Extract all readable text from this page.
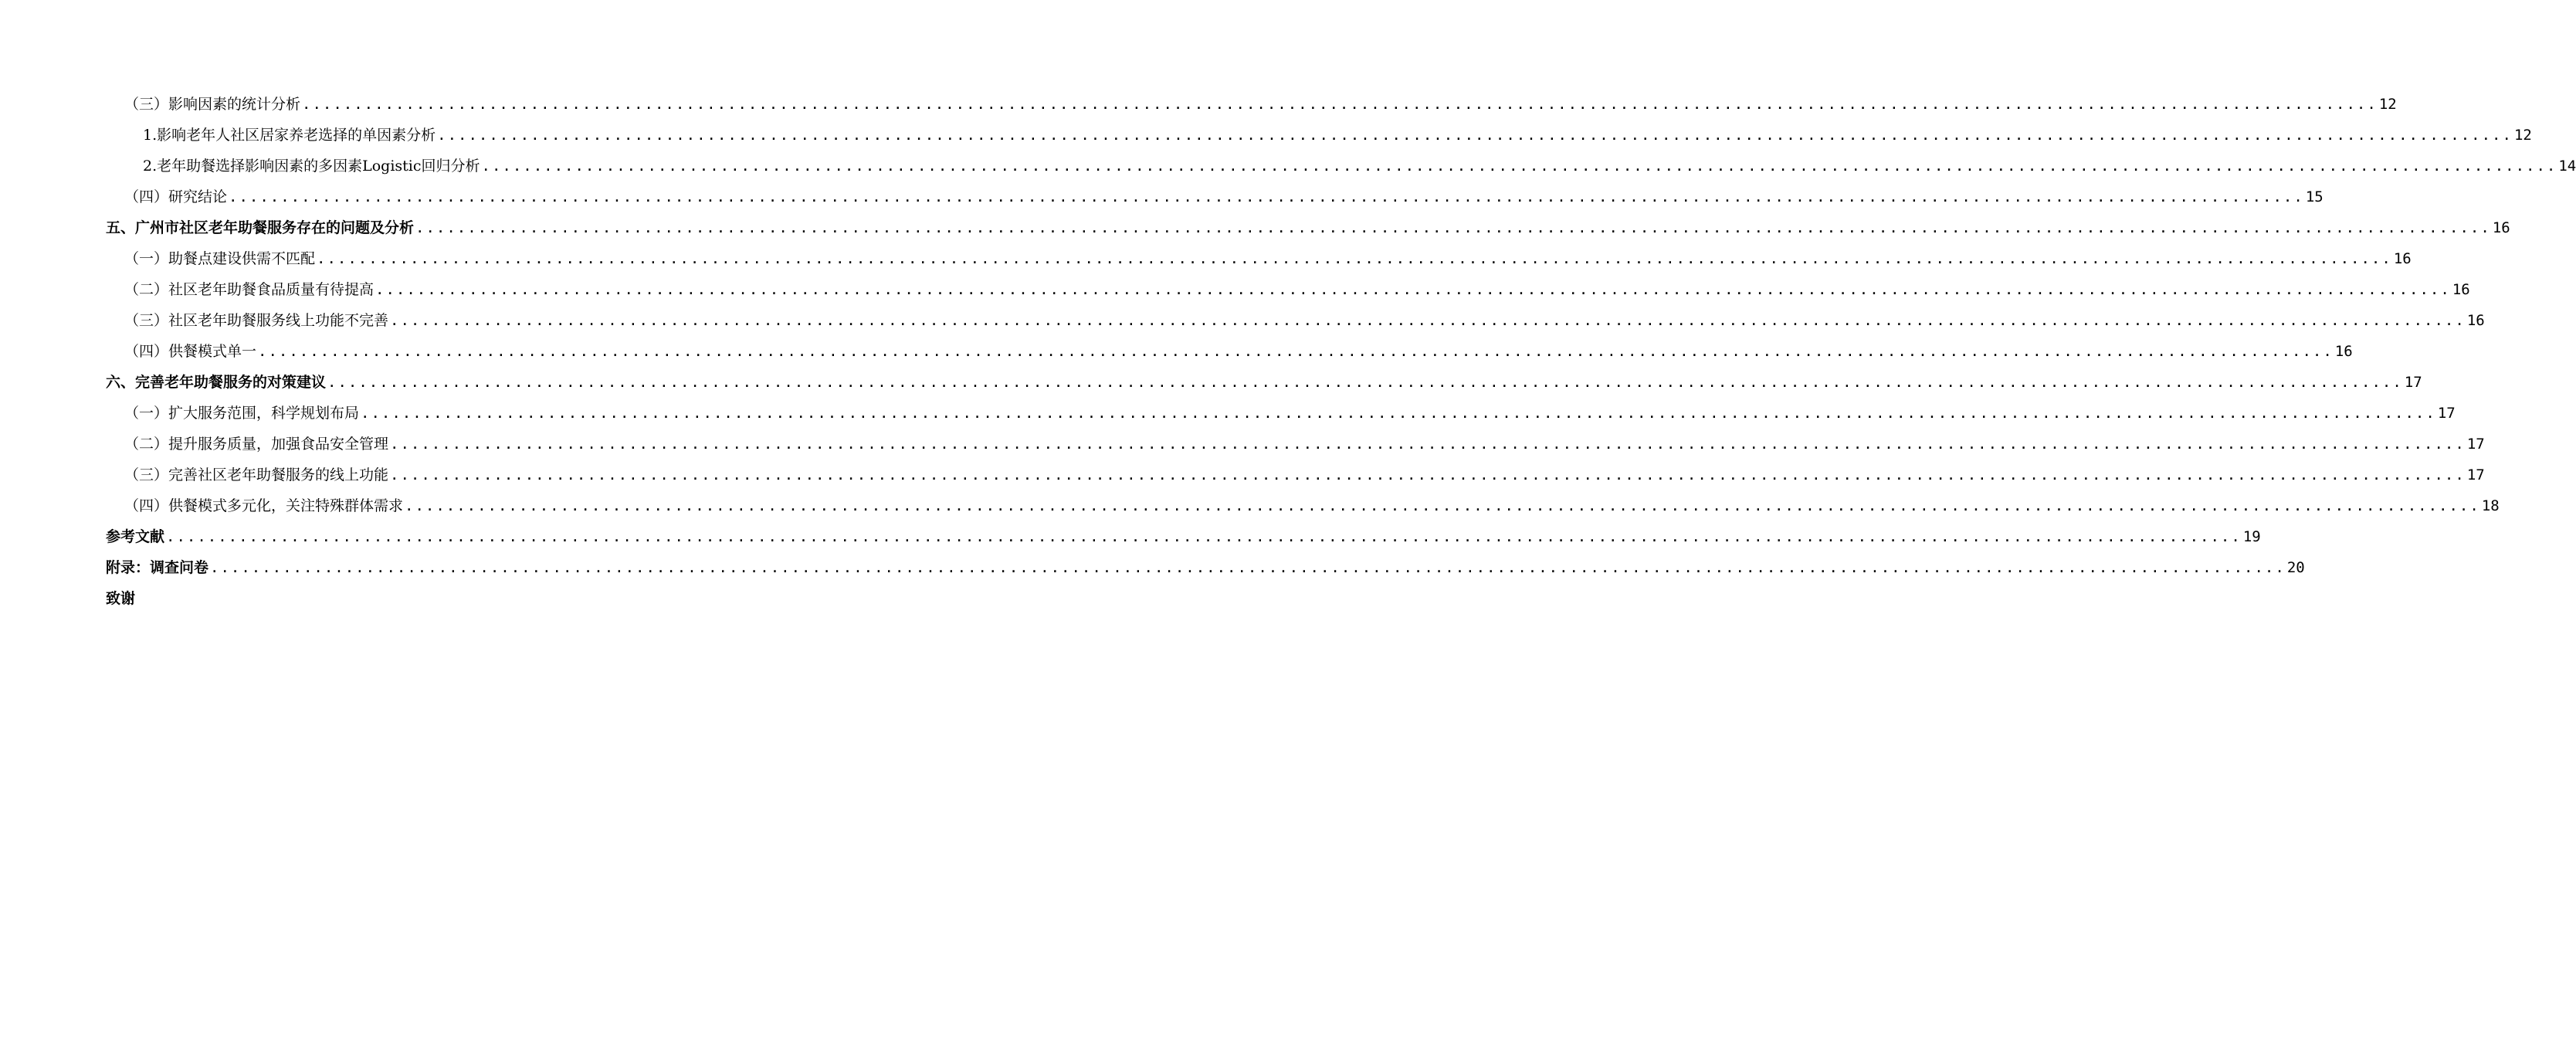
（三）影响因素的统计分析 ........................................................................................................................................................................................................ 12
1.影响老年人社区居家养老选择的单因素分析 ........................................................................................................................................................................................................ 12
2.老年助餐选择影响因素的多因素Logistic回归分析 ........................................................................................................................................................................................................ 14
（四）研究结论 ........................................................................................................................................................................................................ 15
五、广州市社区老年助餐服务存在的问题及分析 ........................................................................................................................................................................................................ 16
（一）助餐点建设供需不匹配 ........................................................................................................................................................................................................ 16
（二）社区老年助餐食品质量有待提高 ........................................................................................................................................................................................................ 16
（三）社区老年助餐服务线上功能不完善 ........................................................................................................................................................................................................ 16
（四）供餐模式单一 ........................................................................................................................................................................................................ 16
六、完善老年助餐服务的对策建议 ........................................................................................................................................................................................................ 17
（一）扩大服务范围，科学规划布局 ........................................................................................................................................................................................................ 17
（二）提升服务质量，加强食品安全管理 ........................................................................................................................................................................................................ 17
（三）完善社区老年助餐服务的线上功能 ........................................................................................................................................................................................................ 17
（四）供餐模式多元化，关注特殊群体需求 ........................................................................................................................................................................................................ 18
参考文献 ........................................................................................................................................................................................................ 19
附录：调查问卷 ........................................................................................................................................................................................................ 20
致谢
